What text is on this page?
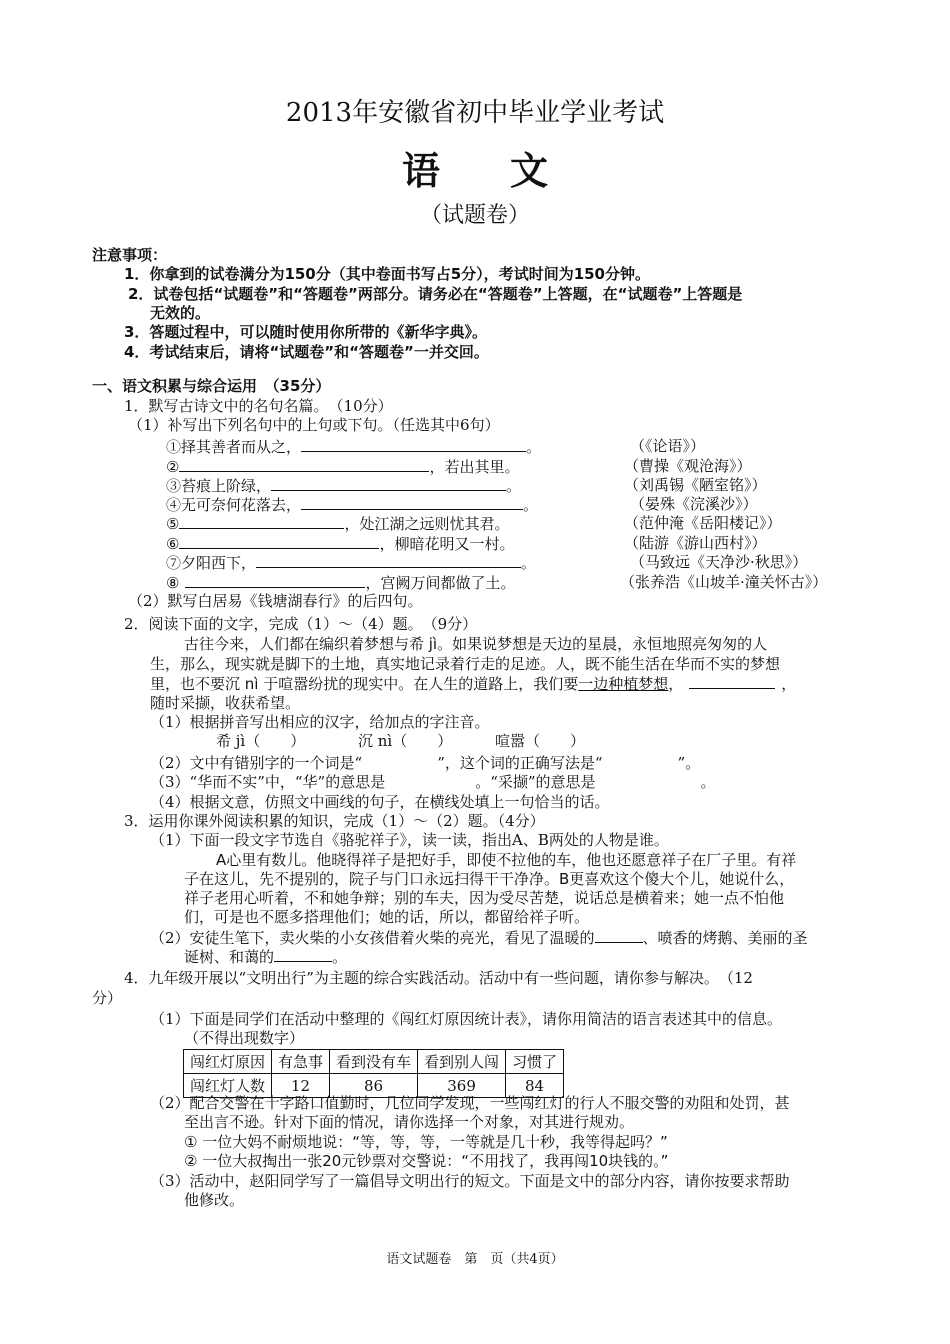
2013年安徽省初中毕业学业考试
语文
（试题卷）
注意事项：
1．你拿到的试卷满分为150分（其中卷面书写占5分），考试时间为150分钟。
2．试卷包括“试题卷”和“答题卷”两部分。请务必在“答题卷”上答题，在“试题卷”上答题是
无效的。
3．答题过程中，可以随时使用你所带的《新华字典》。
4．考试结束后，请将“试题卷”和“答题卷”一并交回。
一、语文积累与综合运用　（35分）
1．默写古诗文中的名句名篇。　（10分）
（1）补写出下列名句中的上句或下句。（任选其中6句）
①择其善者而从之，	。	（《论语》）
②	，若出其里。	（曹操《观沧海》）
③苔痕上阶绿，	。	（刘禹锡《陋室铭》）
④无可奈何花落去，	。	（晏殊《浣溪沙》）
⑤	，处江湖之远则忧其君。	（范仲淹《岳阳楼记》）
⑥	，柳暗花明又一村。	（陆游《游山西村》）
⑦夕阳西下，	。	（马致远《天净沙·秋思》）
⑧	，宫阙万间都做了土。	（张养浩《山坡羊·潼关怀古》）
（2）默写白居易《钱塘湖春行》的后四句。
2．阅读下面的文字，完成（1）～（4）题。　（9分）
古往今来，人们都在编织着梦想与希 jì。如果说梦想是天边的星晨，永恒地照亮匆匆的人
生，那么，现实就是脚下的土地，真实地记录着行走的足迹。人，既不能生活在华而不实的梦想
里，也不要沉 nì 于喧嚣纷扰的现实中。在人生的道路上，我们要一边种植梦想，	，
随时采撷，收获希望。
（1）根据拼音写出相应的汉字，给加点的字注音。
希 jì（　　）	沉 nì（　　）	喧嚣（　　）
（2）文中有错别字的一个词是“　　　　　”，这个词的正确写法是“　　　　　”。
（3）“华而不实”中，“华”的意思是　　　　　　。“采撷”的意思是　　　　　　　。
（4）根据文意，仿照文中画线的句子，在横线处填上一句恰当的话。
3．运用你课外阅读积累的知识，完成（1）～（2）题。（4分）
（1）下面一段文字节选自《骆驼祥子》，读一读，指出A、B两处的人物是谁。
A心里有数儿。他晓得祥子是把好手，即使不拉他的车，他也还愿意祥子在厂子里。有祥
子在这儿，先不提别的，院子与门口永远扫得干干净净。B更喜欢这个傻大个儿，她说什么，
祥子老用心听着，不和她争辩；别的车夫，因为受尽苦楚，说话总是横着来；她一点不怕他
们，可是也不愿多搭理他们；她的话，所以，都留给祥子听。
（2）安徒生笔下，卖火柴的小女孩借着火柴的亮光，看见了温暖的	、喷香的烤鹅、美丽的圣
诞树、和蔼的	。
4．九年级开展以“文明出行”为主题的综合实践活动。活动中有一些问题，请你参与解决。　（12
分）
（1）下面是同学们在活动中整理的《闯红灯原因统计表》，请你用简洁的语言表述其中的信息。
（不得出现数字）
闯红灯原因	有急事	看到没有车	看到别人闯	习惯了
闯红灯人数	12	86	369	84
（2）配合交警在十字路口值勤时，几位同学发现，一些闯红灯的行人不服交警的劝阻和处罚，甚
至出言不逊。针对下面的情况，请你选择一个对象，对其进行规劝。
① 一位大妈不耐烦地说：“等，等，等，一等就是几十秒，我等得起吗？”
② 一位大叔掏出一张20元钞票对交警说：“不用找了，我再闯10块钱的。”
（3）活动中，赵阳同学写了一篇倡导文明出行的短文。下面是文中的部分内容，请你按要求帮助
他修改。
语文试题卷　第　页（共4页）
